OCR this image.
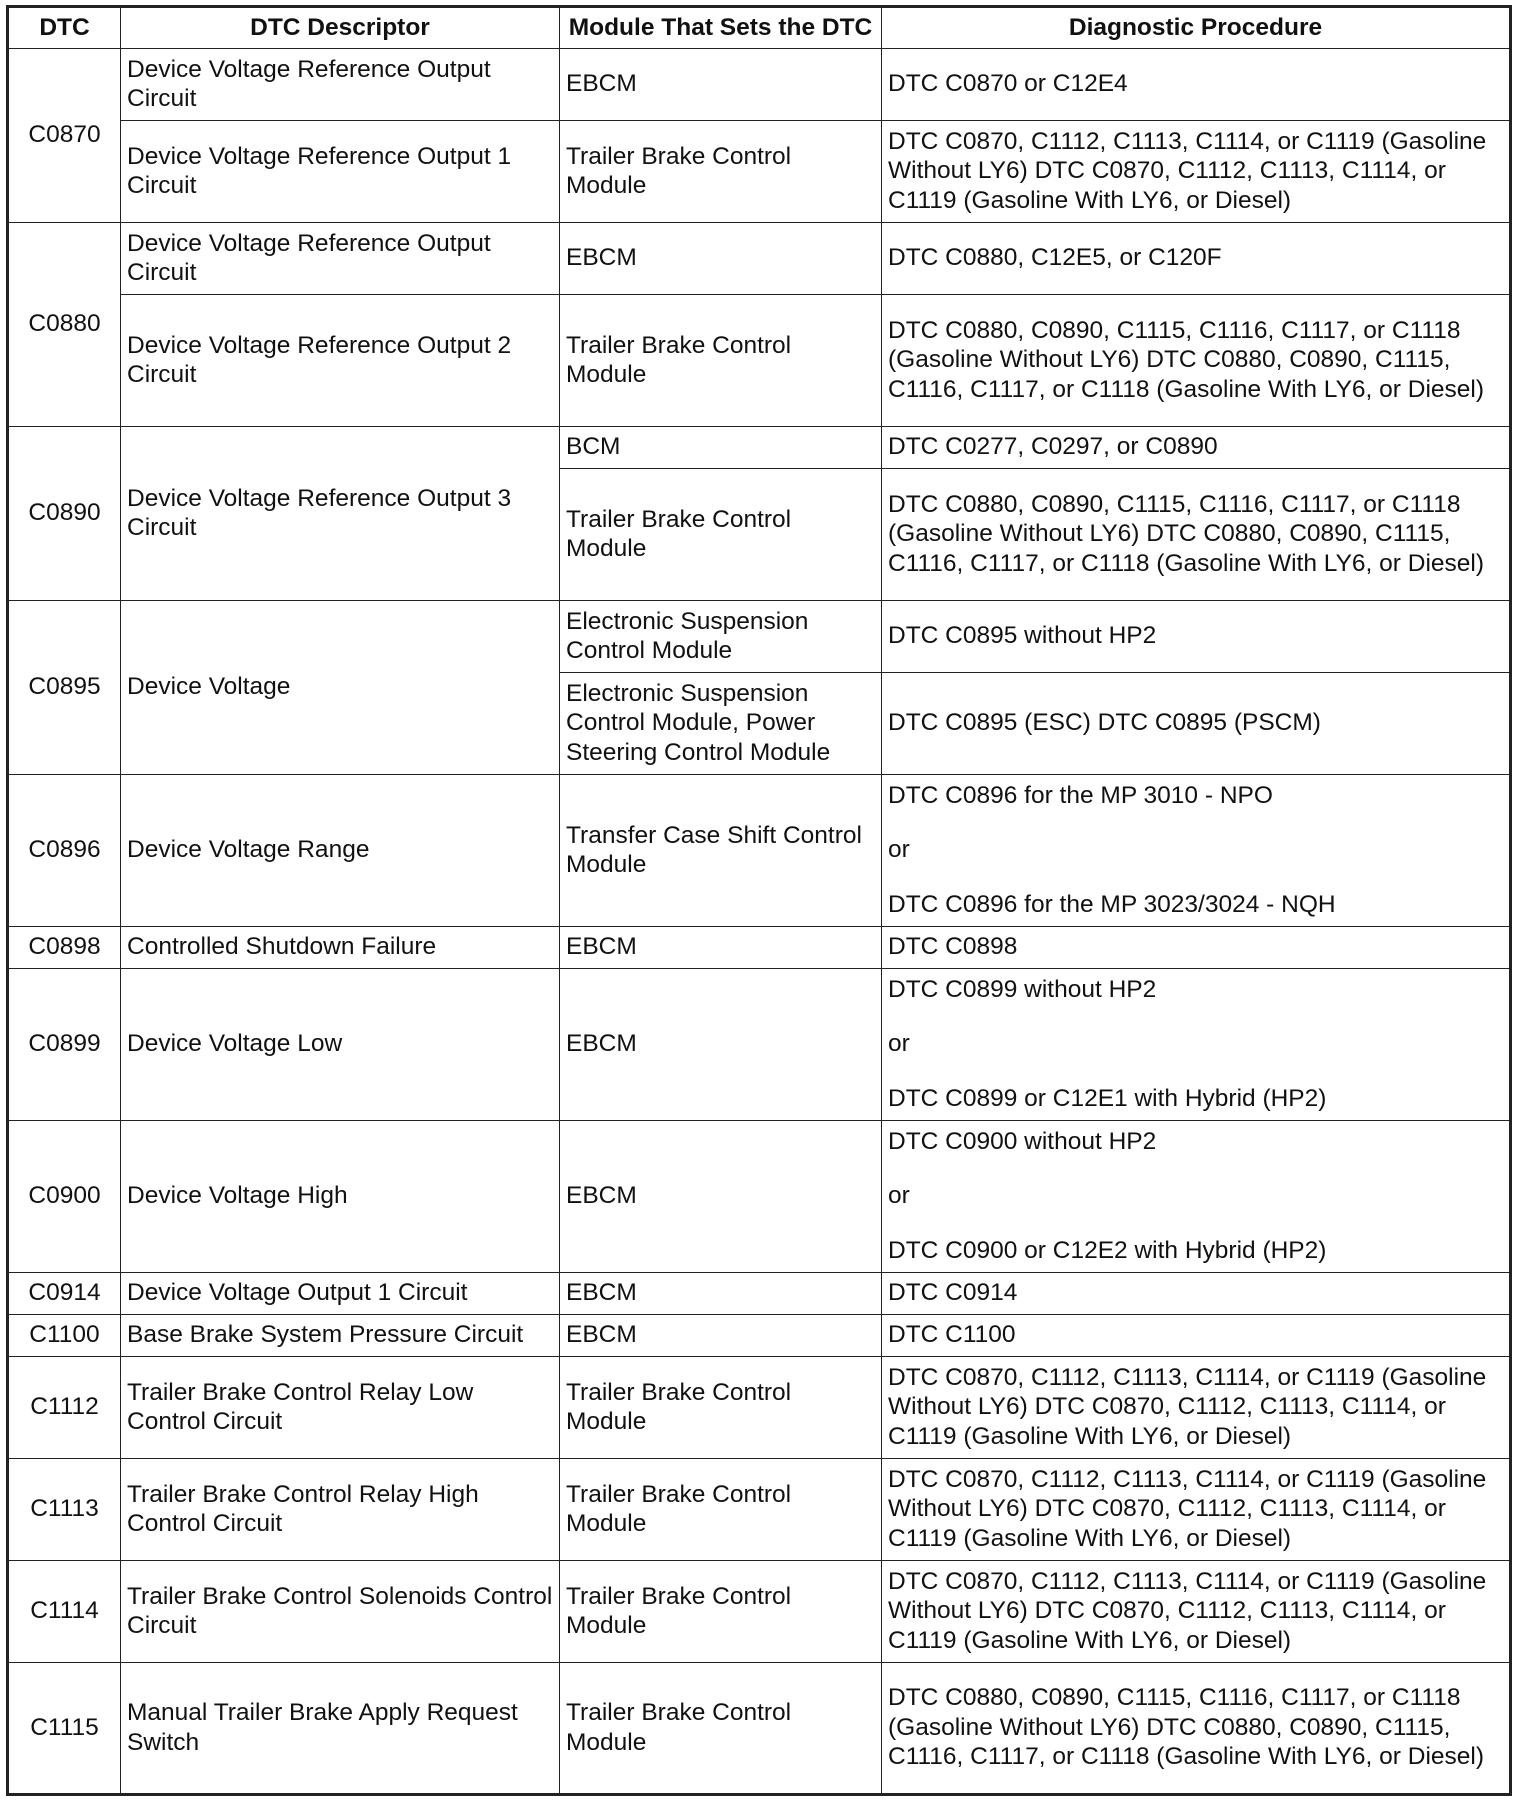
DTC	DTC Descriptor	Module That Sets the DTC	Diagnostic Procedure
C0870	Device Voltage Reference Output Circuit	EBCM	DTC C0870 or C12E4
	Device Voltage Reference Output 1 Circuit	Trailer Brake Control Module	DTC C0870, C1112, C1113, C1114, or C1119 (Gasoline Without LY6) DTC C0870, C1112, C1113, C1114, or C1119 (Gasoline With LY6, or Diesel)
C0880	Device Voltage Reference Output Circuit	EBCM	DTC C0880, C12E5, or C120F
	Device Voltage Reference Output 2 Circuit	Trailer Brake Control Module	DTC C0880, C0890, C1115, C1116, C1117, or C1118 (Gasoline Without LY6) DTC C0880, C0890, C1115, C1116, C1117, or C1118 (Gasoline With LY6, or Diesel)
C0890	Device Voltage Reference Output 3 Circuit	BCM	DTC C0277, C0297, or C0890
		Trailer Brake Control Module	DTC C0880, C0890, C1115, C1116, C1117, or C1118 (Gasoline Without LY6) DTC C0880, C0890, C1115, C1116, C1117, or C1118 (Gasoline With LY6, or Diesel)
C0895	Device Voltage	Electronic Suspension Control Module	DTC C0895 without HP2
		Electronic Suspension Control Module, Power Steering Control Module	DTC C0895 (ESC) DTC C0895 (PSCM)
C0896	Device Voltage Range	Transfer Case Shift Control Module	DTC C0896 for the MP 3010 - NPO
or
DTC C0896 for the MP 3023/3024 - NQH
C0898	Controlled Shutdown Failure	EBCM	DTC C0898
C0899	Device Voltage Low	EBCM	DTC C0899 without HP2
or
DTC C0899 or C12E1 with Hybrid (HP2)
C0900	Device Voltage High	EBCM	DTC C0900 without HP2
or
DTC C0900 or C12E2 with Hybrid (HP2)
C0914	Device Voltage Output 1 Circuit	EBCM	DTC C0914
C1100	Base Brake System Pressure Circuit	EBCM	DTC C1100
C1112	Trailer Brake Control Relay Low Control Circuit	Trailer Brake Control Module	DTC C0870, C1112, C1113, C1114, or C1119 (Gasoline Without LY6) DTC C0870, C1112, C1113, C1114, or C1119 (Gasoline With LY6, or Diesel)
C1113	Trailer Brake Control Relay High Control Circuit	Trailer Brake Control Module	DTC C0870, C1112, C1113, C1114, or C1119 (Gasoline Without LY6) DTC C0870, C1112, C1113, C1114, or C1119 (Gasoline With LY6, or Diesel)
C1114	Trailer Brake Control Solenoids Control Circuit	Trailer Brake Control Module	DTC C0870, C1112, C1113, C1114, or C1119 (Gasoline Without LY6) DTC C0870, C1112, C1113, C1114, or C1119 (Gasoline With LY6, or Diesel)
C1115	Manual Trailer Brake Apply Request Switch	Trailer Brake Control Module	DTC C0880, C0890, C1115, C1116, C1117, or C1118 (Gasoline Without LY6) DTC C0880, C0890, C1115, C1116, C1117, or C1118 (Gasoline With LY6, or Diesel)
